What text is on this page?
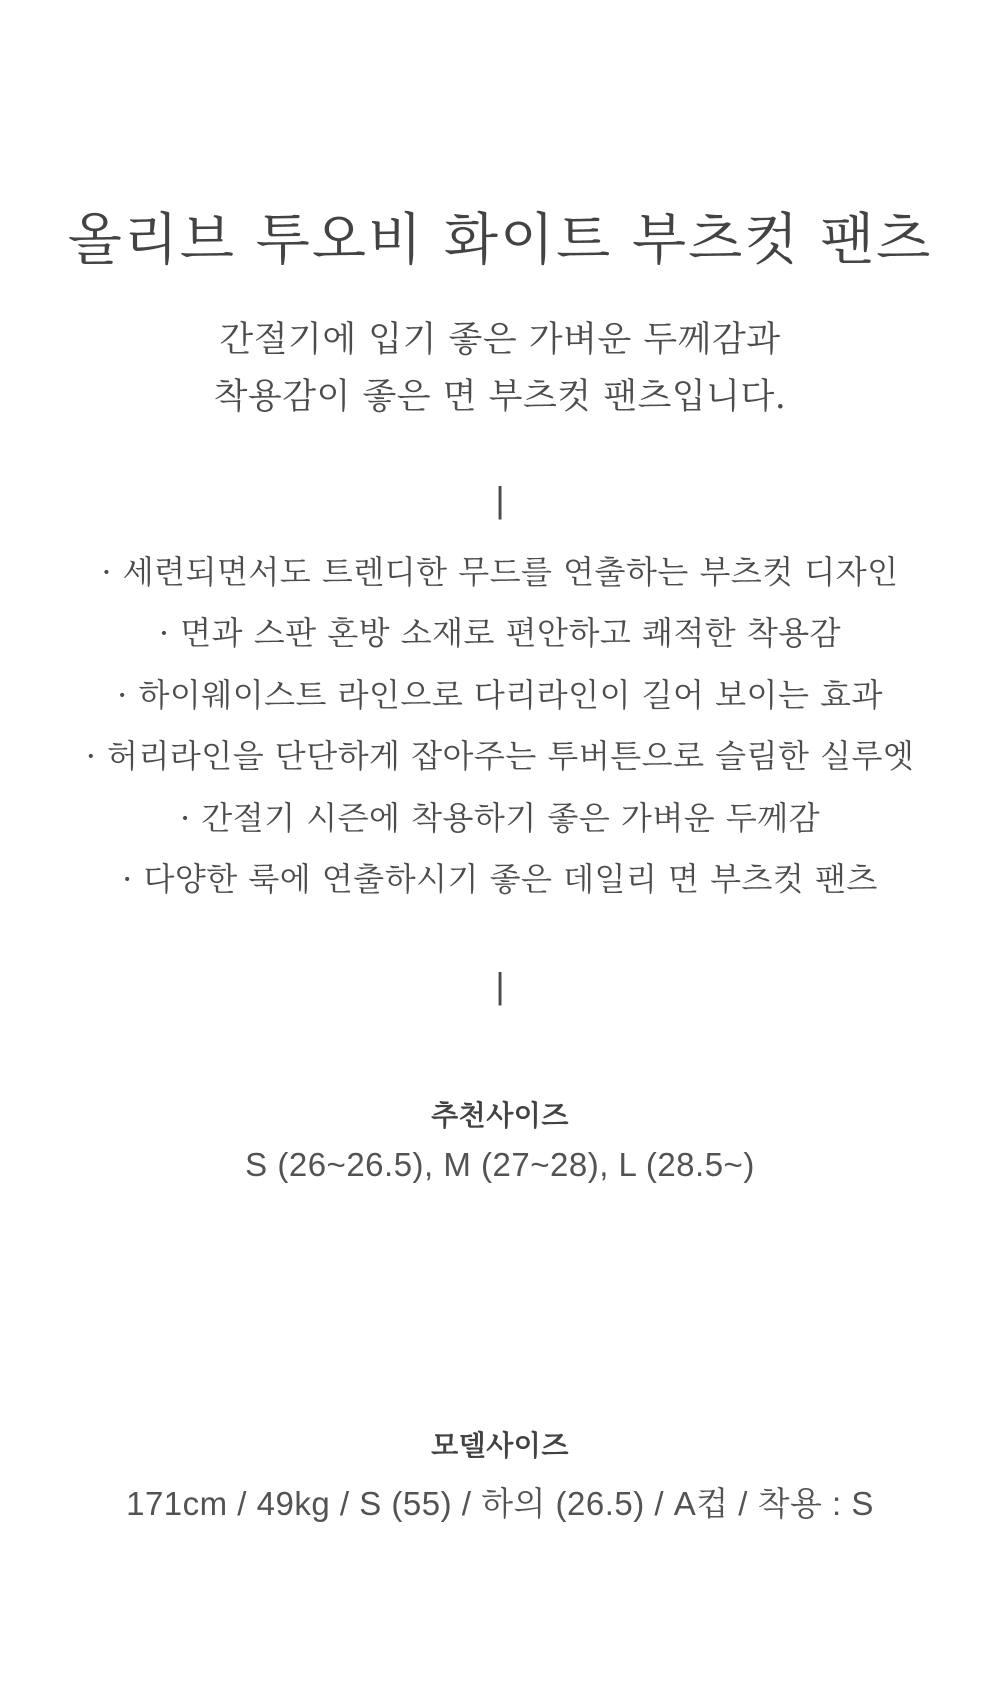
올리브 투오비 화이트 부츠컷 팬츠
간절기에 입기 좋은 가벼운 두께감과
착용감이 좋은 면 부츠컷 팬츠입니다.
|
· 세련되면서도 트렌디한 무드를 연출하는 부츠컷 디자인
· 면과 스판 혼방 소재로 편안하고 쾌적한 착용감
· 하이웨이스트 라인으로 다리라인이 길어 보이는 효과
· 허리라인을 단단하게 잡아주는 투버튼으로 슬림한 실루엣
· 간절기 시즌에 착용하기 좋은 가벼운 두께감
· 다양한 룩에 연출하시기 좋은 데일리 면 부츠컷 팬츠
|
추천사이즈
S (26~26.5), M (27~28), L (28.5~)
모델사이즈
171cm / 49kg / S (55) / 하의 (26.5) / A컵 / 착용 : S
